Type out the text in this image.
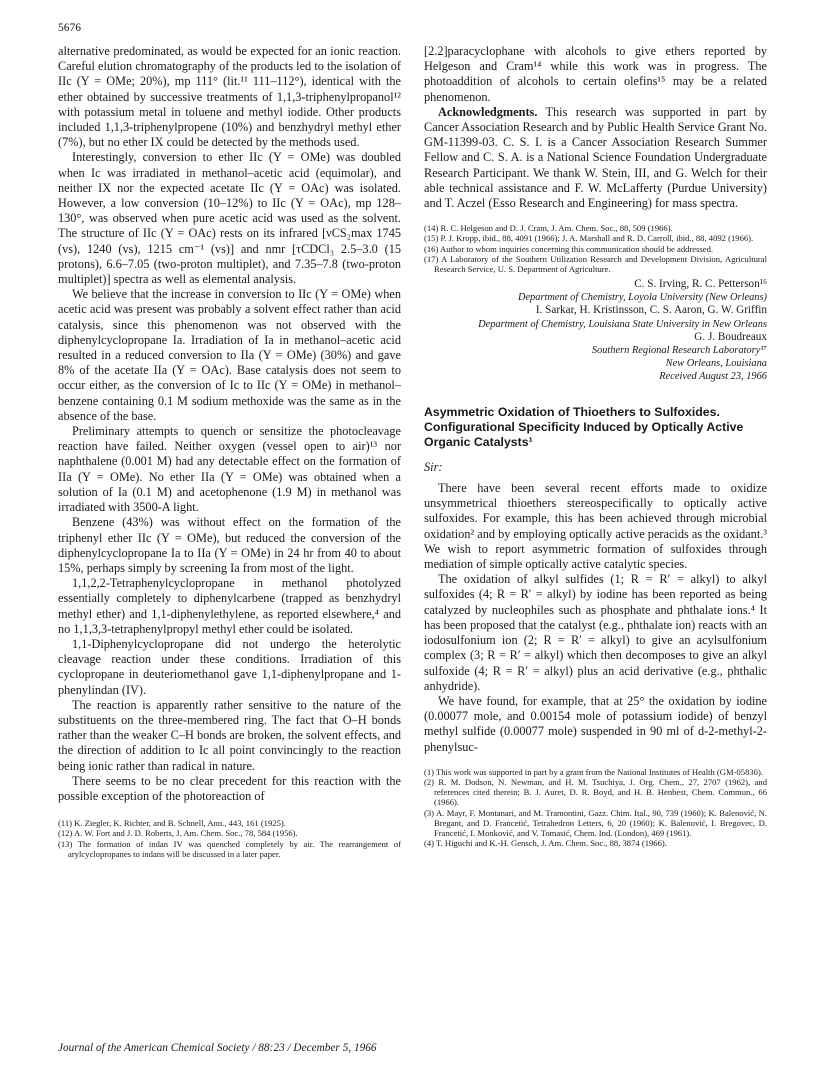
5676

alternative predominated, as would be expected for an ionic reaction. Careful elution chromatography of the products led to the isolation of IIc (Y = OMe; 20%), mp 111° (lit.¹¹ 111–112°), identical with the ether obtained by successive treatments of 1,1,3-triphenylpropanol¹² with potassium metal in toluene and methyl iodide. Other products included 1,1,3-triphenylpropene (10%) and benzhydryl methyl ether (7%), but no ether IX could be detected by the methods used.

Interestingly, conversion to ether IIc (Y = OMe) was doubled when Ic was irradiated in methanol–acetic acid (equimolar), and neither IX nor the expected acetate IIc (Y = OAc) was isolated. However, a low conversion (10–12%) to IIc (Y = OAc), mp 128–130°, was observed when pure acetic acid was used as the solvent. The structure of IIc (Y = OAc) rests on its infrared [νCS₂max 1745 (vs), 1240 (vs), 1215 cm⁻¹ (vs)] and nmr [τCDCl₃ 2.5–3.0 (15 protons), 6.6–7.05 (two-proton multiplet), and 7.35–7.8 (two-proton multiplet)] spectra as well as elemental analysis.

We believe that the increase in conversion to IIc (Y = OMe) when acetic acid was present was probably a solvent effect rather than acid catalysis, since this phenomenon was not observed with the diphenylcyclopropane Ia. Irradiation of Ia in methanol–acetic acid resulted in a reduced conversion to IIa (Y = OMe) (30%) and gave 8% of the acetate IIa (Y = OAc). Base catalysis does not seem to occur either, as the conversion of Ic to IIc (Y = OMe) in methanol–benzene containing 0.1 M sodium methoxide was the same as in the absence of the base.

Preliminary attempts to quench or sensitize the photocleavage reaction have failed. Neither oxygen (vessel open to air)¹³ nor naphthalene (0.001 M) had any detectable effect on the formation of IIa (Y = OMe). No ether IIa (Y = OMe) was obtained when a solution of Ia (0.1 M) and acetophenone (1.9 M) in methanol was irradiated with 3500-A light.

Benzene (43%) was without effect on the formation of the triphenyl ether IIc (Y = OMe), but reduced the conversion of the diphenylcyclopropane Ia to IIa (Y = OMe) in 24 hr from 40 to about 15%, perhaps simply by screening Ia from most of the light.

1,1,2,2-Tetraphenylcyclopropane in methanol photolyzed essentially completely to diphenylcarbene (trapped as benzhydryl methyl ether) and 1,1-diphenylethylene, as reported elsewhere,⁴ and no 1,1,3,3-tetraphenylpropyl methyl ether could be isolated.

1,1-Diphenylcyclopropane did not undergo the heterolytic cleavage reaction under these conditions. Irradiation of this cyclopropane in deuteriomethanol gave 1,1-diphenylpropane and 1-phenylindan (IV).

The reaction is apparently rather sensitive to the nature of the substituents on the three-membered ring. The fact that O–H bonds rather than the weaker C–H bonds are broken, the solvent effects, and the direction of addition to Ic all point convincingly to the reaction being ionic rather than radical in nature.

There seems to be no clear precedent for this reaction with the possible exception of the photoreaction of

(11) K. Ziegler, K. Richter, and B. Schnell, Ann., 443, 161 (1925).

(12) A. W. Fort and J. D. Roberts, J. Am. Chem. Soc., 78, 584 (1956).

(13) The formation of indan IV was quenched completely by air. The rearrangement of arylcyclopropanes to indans will be discussed in a later paper.

[2.2]paracyclophane with alcohols to give ethers reported by Helgeson and Cram¹⁴ while this work was in progress. The photoaddition of alcohols to certain olefins¹⁵ may be a related phenomenon.

Acknowledgments. This research was supported in part by Cancer Association Research and by Public Health Service Grant No. GM-11399-03. C. S. I. is a Cancer Association Research Summer Fellow and C. S. A. is a National Science Foundation Undergraduate Research Participant. We thank W. Stein, III, and G. Welch for their able technical assistance and F. W. McLafferty (Purdue University) and T. Aczel (Esso Research and Engineering) for mass spectra.

(14) R. C. Helgeson and D. J. Cram, J. Am. Chem. Soc., 88, 509 (1966).

(15) P. J. Kropp, ibid., 88, 4091 (1966); J. A. Marshall and R. D. Carroll, ibid., 88, 4092 (1966).

(16) Author to whom inquiries concerning this communication should be addressed.

(17) A Laboratory of the Southern Utilization Research and Development Division, Agricultural Research Service, U. S. Department of Agriculture.

C. S. Irving, R. C. Petterson¹⁶

Department of Chemistry, Loyola University (New Orleans)

I. Sarkar, H. Kristinsson, C. S. Aaron, G. W. Griffin

Department of Chemistry, Louisiana State University in New Orleans

G. J. Boudreaux

Southern Regional Research Laboratory¹⁷

New Orleans, Louisiana

Received August 23, 1966

Asymmetric Oxidation of Thioethers to Sulfoxides. Configurational Specificity Induced by Optically Active Organic Catalysts¹

Sir:

There have been several recent efforts made to oxidize unsymmetrical thioethers stereospecifically to optically active sulfoxides. For example, this has been achieved through microbial oxidation² and by employing optically active peracids as the oxidant.³ We wish to report asymmetric formation of sulfoxides through mediation of simple optically active catalytic species.

The oxidation of alkyl sulfides (1; R = R′ = alkyl) to alkyl sulfoxides (4; R = R′ = alkyl) by iodine has been reported as being catalyzed by nucleophiles such as phosphate and phthalate ions.⁴ It has been proposed that the catalyst (e.g., phthalate ion) reacts with an iodosulfonium ion (2; R = R′ = alkyl) to give an acylsulfonium complex (3; R = R′ = alkyl) which then decomposes to give an alkyl sulfoxide (4; R = R′ = alkyl) plus an acid derivative (e.g., phthalic anhydride).

We have found, for example, that at 25° the oxidation by iodine (0.00077 mole, and 0.00154 mole of potassium iodide) of benzyl methyl sulfide (0.00077 mole) suspended in 90 ml of d-2-methyl-2-phenylsuc-

(1) This work was supported in part by a grant from the National Institutes of Health (GM-05830).

(2) R. M. Dodson, N. Newman, and H. M. Tsuchiya, J. Org. Chem., 27, 2707 (1962), and references cited therein; B. J. Auret, D. R. Boyd, and H. B. Henbest, Chem. Commun., 66 (1966).

(3) A. Mayr, F. Montanari, and M. Tramontini, Gazz. Chim. Ital., 90, 739 (1960); K. Balenović, N. Bregant, and D. Francetić, Tetrahedron Letters, 6, 20 (1960); K. Balenović, I. Bregovec, D. Francetić, I. Monković, and V. Tomasić, Chem. Ind. (London), 469 (1961).

(4) T. Higuchi and K.-H. Gensch, J. Am. Chem. Soc., 88, 3874 (1966).

Journal of the American Chemical Society / 88:23 / December 5, 1966
